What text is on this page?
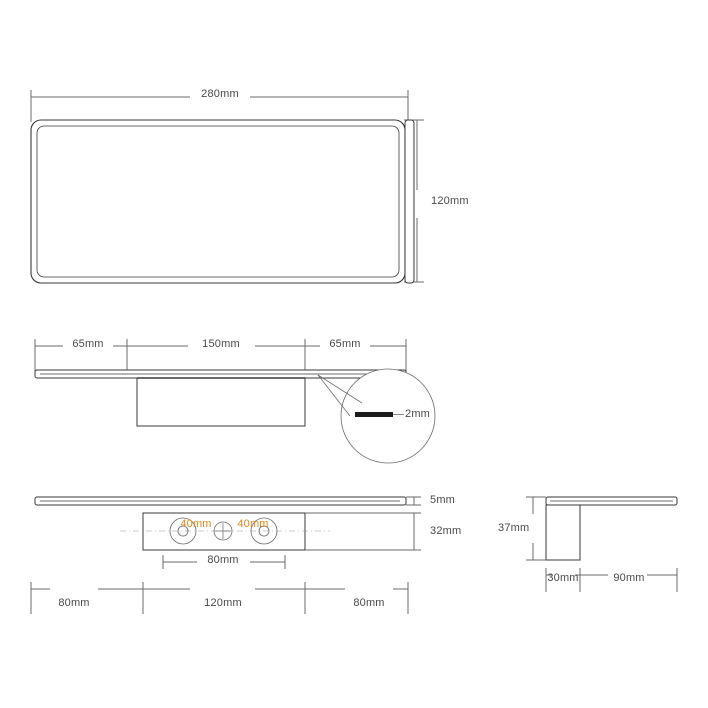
280mm
120mm
65mm	150mm	65mm
2mm
5mm
32mm
40mm 40mm
80mm
80mm	120mm	80mm
37mm
30mm	90mm
